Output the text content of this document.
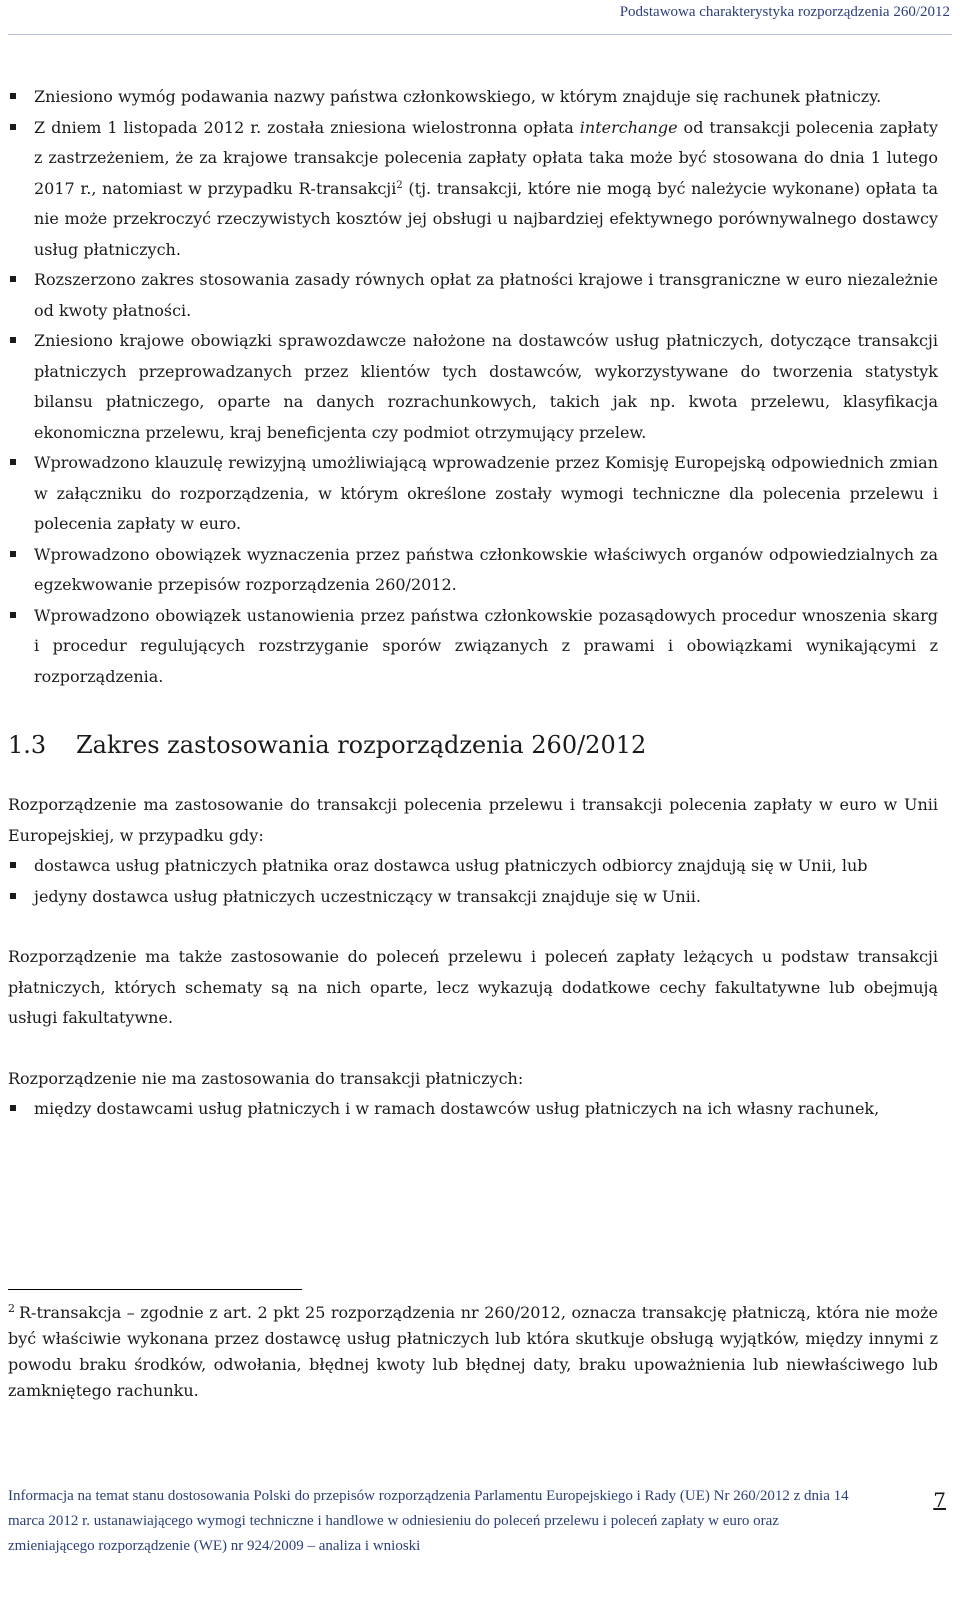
Podstawowa charakterystyka rozporządzenia 260/2012
Zniesiono wymóg podawania nazwy państwa członkowskiego, w którym znajduje się rachunek płatniczy.
Z dniem 1 listopada 2012 r. została zniesiona wielostronna opłata interchange od transakcji polecenia zapłaty z zastrzeżeniem, że za krajowe transakcje polecenia zapłaty opłata taka może być stosowana do dnia 1 lutego 2017 r., natomiast w przypadku R-transakcji$^2$ (tj. transakcji, które nie mogą być należycie wykonane) opłata ta nie może przekroczyć rzeczywistych kosztów jej obsługi u najbardziej efektywnego porównywalnego dostawcy usług płatniczych.
Rozszerzono zakres stosowania zasady równych opłat za płatności krajowe i transgraniczne w euro niezależnie od kwoty płatności.
Zniesiono krajowe obowiązki sprawozdawcze nałożone na dostawców usług płatniczych, dotyczące transakcji płatniczych przeprowadzanych przez klientów tych dostawców, wykorzystywane do tworzenia statystyk bilansu płatniczego, oparte na danych rozrachunkowych, takich jak np. kwota przelewu, klasyfikacja ekonomiczna przelewu, kraj beneficjenta czy podmiot otrzymujący przelew.
Wprowadzono klauzulę rewizyjną umożliwiającą wprowadzenie przez Komisję Europejską odpowiednich zmian w załączniku do rozporządzenia, w którym określone zostały wymogi techniczne dla polecenia przelewu i polecenia zapłaty w euro.
Wprowadzono obowiązek wyznaczenia przez państwa członkowskie właściwych organów odpowiedzialnych za egzekwowanie przepisów rozporządzenia 260/2012.
Wprowadzono obowiązek ustanowienia przez państwa członkowskie pozasądowych procedur wnoszenia skarg i procedur regulujących rozstrzyganie sporów związanych z prawami i obowiązkami wynikającymi z rozporządzenia.
1.3 Zakres zastosowania rozporządzenia 260/2012

Rozporządzenie ma zastosowanie do transakcji polecenia przelewu i transakcji polecenia zapłaty w euro w Unii Europejskiej, w przypadku gdy:

dostawca usług płatniczych płatnika oraz dostawca usług płatniczych odbiorcy znajdują się w Unii, lub
jedyny dostawca usług płatniczych uczestniczący w transakcji znajduje się w Unii.

Rozporządzenie ma także zastosowanie do poleceń przelewu i poleceń zapłaty leżących u podstaw transakcji płatniczych, których schematy są na nich oparte, lecz wykazują dodatkowe cechy fakultatywne lub obejmują usługi fakultatywne.

Rozporządzenie nie ma zastosowania do transakcji płatniczych:

między dostawcami usług płatniczych i w ramach dostawców usług płatniczych na ich własny rachunek,
$^2$ R-transakcja – zgodnie z art. 2 pkt 25 rozporządzenia nr 260/2012, oznacza transakcję płatniczą, która nie może być właściwie wykonana przez dostawcę usług płatniczych lub która skutkuje obsługą wyjątków, między innymi z powodu braku środków, odwołania, błędnej kwoty lub błędnej daty, braku upoważnienia lub niewłaściwego lub zamkniętego rachunku.
Informacja na temat stanu dostosowania Polski do przepisów rozporządzenia Parlamentu Europejskiego i Rady (UE) Nr 260/2012 z dnia 14 marca 2012 r. ustanawiającego wymogi techniczne i handlowe w odniesieniu do poleceń przelewu i poleceń zapłaty w euro oraz zmieniającego rozporządzenie (WE) nr 924/2009 – analiza i wnioski
7
